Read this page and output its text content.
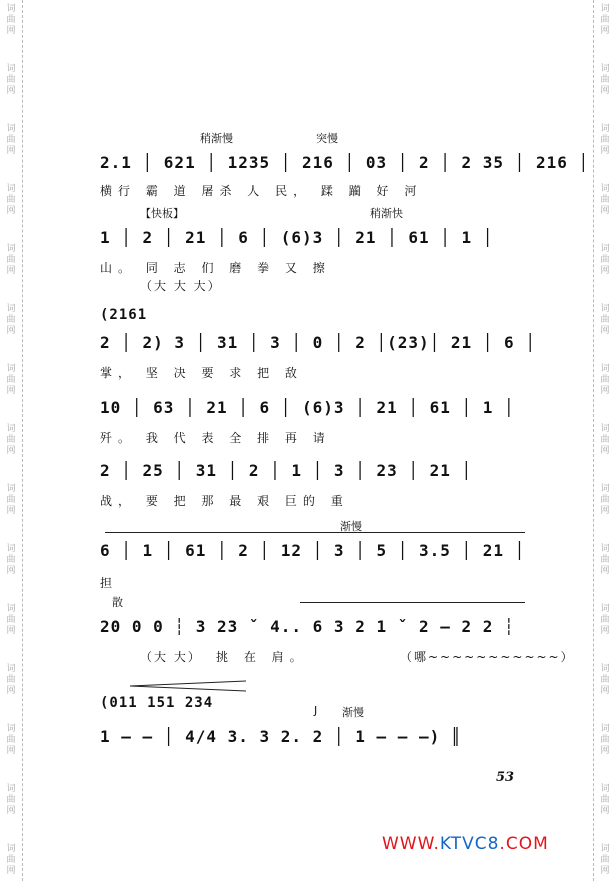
词
曲
网
词
曲
网
词
曲
网
词
曲
网
词
曲
网
词
曲
网
词
曲
网
词
曲
网
词
曲
网
词
曲
网
词
曲
网
词
曲
网
词
曲
网
词
曲
网
词
曲
网
词
曲
网
词
曲
网
词
曲
网
词
曲
网
词
曲
网
词
曲
网
词
曲
网
词
曲
网
词
曲
网
词
曲
网
词
曲
网
词
曲
网
词
曲
网
词
曲
网
词
曲
网
稍渐慢	突慢
2.1 │ 621 │ 1235 │ 216 │ 03 │ 2 │ 2 35 │ 216 │
横行 霸 道 屠杀 人 民， 蹂 躏 好 河
【快板】	稍渐快
1 │ 2 │ 21 │ 6 │ (6)3 │ 21 │ 61 │ 1 │
山。 同 志 们 磨 拳 又 擦
（大 大 大）
(2161
2 │ 2) 3 │ 31 │ 3 │ 0 │ 2 │(23)│ 21 │ 6 │
掌， 坚 决 要 求 把 敌
10 │ 63 │ 21 │ 6 │ (6)3 │ 21 │ 61 │ 1 │
歼。 我 代 表 全 排 再 请
2 │ 25 │ 31 │ 2 │ 1 │ 3 │ 23 │ 21 │
战， 要 把 那 最 艰 巨的 重
渐慢
6 │ 1 │ 61 │ 2 │ 12 │ 3 │ 5 │ 3.5 │ 21 │
担
散
20 0 0 ┆ 3 23 ˇ 4.. 6 3 2 1 ˇ 2 — 2 2 ┆
（大 大） 挑 在 肩。	（哪~~~~~~~~~~~）
(011 151 234	J 渐慢
1 — — │ 4/4 3. 3 2. 2 │ 1 — — —) ║
53
WWW.KTVC8.COM
